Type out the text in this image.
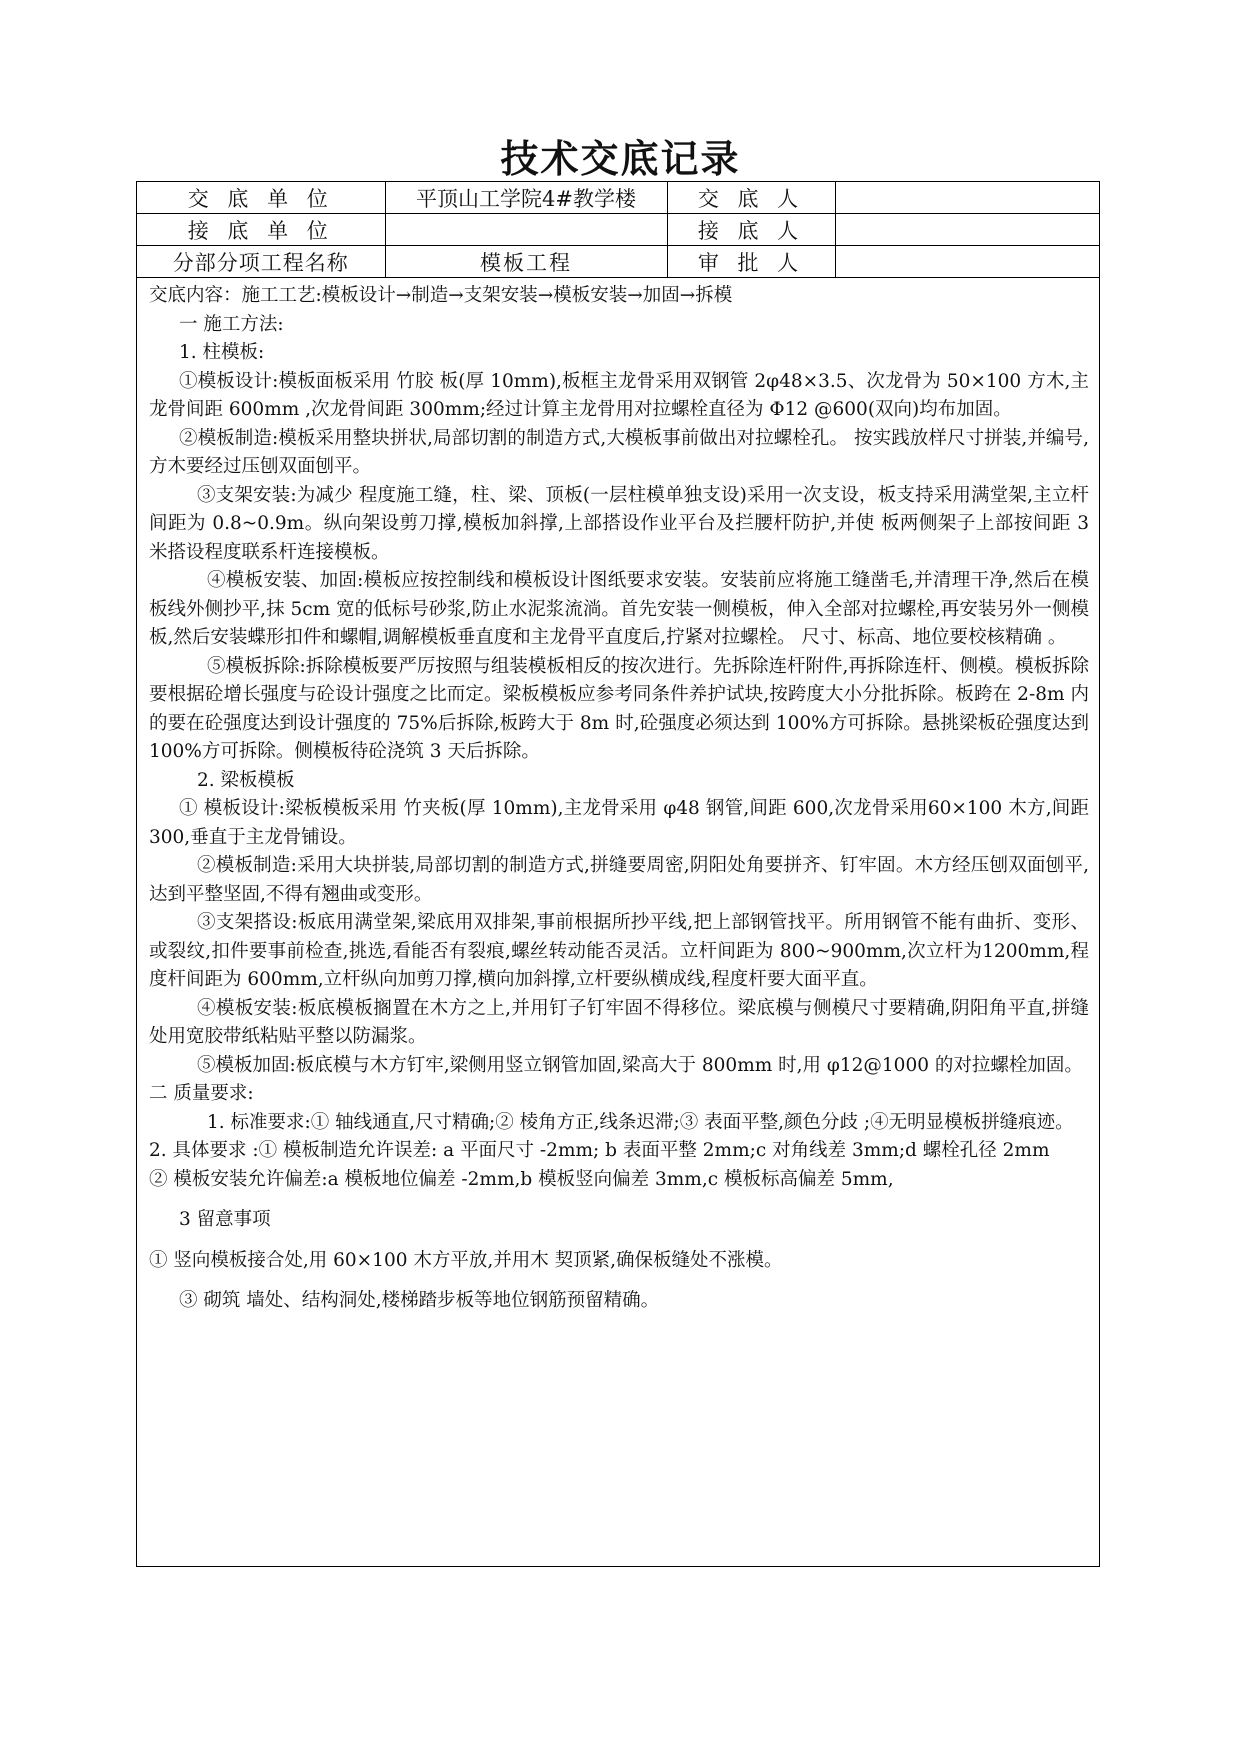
技术交底记录
交 底 单 位	平顶山工学院4#教学楼	交 底 人	
接 底 单 位		接 底 人	
分部分项工程名称	模板工程	审 批 人	

交底内容：施工工艺:模板设计→制造→支架安装→模板安装→加固→拆模

一 施工方法:

1. 柱模板:

①模板设计:模板面板采用 竹胶 板(厚 10mm),板框主龙骨采用双钢管 2φ48×3.5、次龙骨为 50×100 方木,主龙骨间距 600mm ,次龙骨间距 300mm;经过计算主龙骨用对拉螺栓直径为 Φ12 @600(双向)均布加固。

②模板制造:模板采用整块拼状,局部切割的制造方式,大模板事前做出对拉螺栓孔。 按实践放样尺寸拼装,并编号,方木要经过压刨双面刨平。

③支架安装:为减少 程度施工缝，柱、梁、顶板(一层柱模单独支设)采用一次支设，板支持采用满堂架,主立杆间距为 0.8~0.9m。纵向架设剪刀撑,模板加斜撑,上部搭设作业平台及拦腰杆防护,并使 板两侧架子上部按间距 3 米搭设程度联系杆连接模板。

④模板安装、加固:模板应按控制线和模板设计图纸要求安装。安装前应将施工缝凿毛,并清理干净,然后在模板线外侧抄平,抹 5cm 宽的低标号砂浆,防止水泥浆流淌。首先安装一侧模板，伸入全部对拉螺栓,再安装另外一侧模板,然后安装蝶形扣件和螺帽,调解模板垂直度和主龙骨平直度后,拧紧对拉螺栓。 尺寸、标高、地位要校核精确 。

⑤模板拆除:拆除模板要严厉按照与组装模板相反的按次进行。先拆除连杆附件,再拆除连杆、侧模。模板拆除要根据砼增长强度与砼设计强度之比而定。梁板模板应参考同条件养护试块,按跨度大小分批拆除。板跨在 2-8m 内的要在砼强度达到设计强度的 75%后拆除,板跨大于 8m 时,砼强度必须达到 100%方可拆除。悬挑梁板砼强度达到 100%方可拆除。侧模板待砼浇筑 3 天后拆除。

2. 梁板模板

① 模板设计:梁板模板采用 竹夹板(厚 10mm),主龙骨采用 φ48 钢管,间距 600,次龙骨采用60×100 木方,间距 300,垂直于主龙骨铺设。

②模板制造:采用大块拼装,局部切割的制造方式,拼缝要周密,阴阳处角要拼齐、钉牢固。木方经压刨双面刨平,达到平整坚固,不得有翘曲或变形。

③支架搭设:板底用满堂架,梁底用双排架,事前根据所抄平线,把上部钢管找平。所用钢管不能有曲折、变形、或裂纹,扣件要事前检查,挑选,看能否有裂痕,螺丝转动能否灵活。立杆间距为 800~900mm,次立杆为1200mm,程度杆间距为 600mm,立杆纵向加剪刀撑,横向加斜撑,立杆要纵横成线,程度杆要大面平直。

④模板安装:板底模板搁置在木方之上,并用钉子钉牢固不得移位。梁底模与侧模尺寸要精确,阴阳角平直,拼缝处用宽胶带纸粘贴平整以防漏浆。

⑤模板加固:板底模与木方钉牢,梁侧用竖立钢管加固,梁高大于 800mm 时,用 φ12@1000 的对拉螺栓加固。

二 质量要求:

1. 标准要求:① 轴线通直,尺寸精确;② 棱角方正,线条迟滞;③ 表面平整,颜色分歧 ;④无明显模板拼缝痕迹。

2. 具体要求 :① 模板制造允许误差: a 平面尺寸 -2mm; b 表面平整 2mm;c 对角线差 3mm;d 螺栓孔径 2mm

② 模板安装允许偏差:a 模板地位偏差 -2mm,b 模板竖向偏差 3mm,c 模板标高偏差 5mm,

3 留意事项

① 竖向模板接合处,用 60×100 木方平放,并用木 契顶紧,确保板缝处不涨模。

③ 砌筑 墙处、结构洞处,楼梯踏步板等地位钢筋预留精确。
